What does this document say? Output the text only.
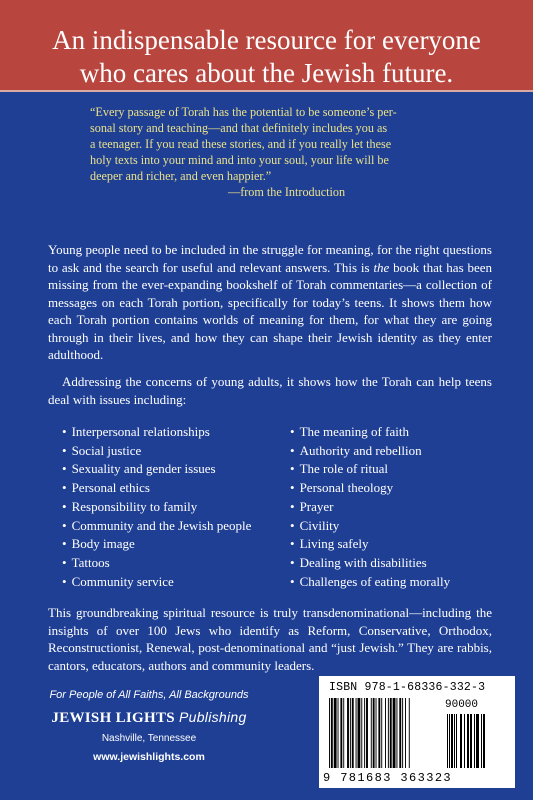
An indispensable resource for everyone
who cares about the Jewish future.
“Every passage of Torah has the potential to be someone’s per-
sonal story and teaching—and that definitely includes you as
a teenager. If you read these stories, and if you really let these
holy texts into your mind and into your soul, your life will be
deeper and richer, and even happier.”
—from the Introduction
Young people need to be included in the struggle for meaning, for the right questions to ask and the search for useful and relevant answers. This is the book that has been missing from the ever-expanding bookshelf of Torah commentaries—a collection of messages on each Torah portion, specifically for today’s teens. It shows them how each Torah portion contains worlds of meaning for them, for what they are going through in their lives, and how they can shape their Jewish identity as they enter adulthood.
Addressing the concerns of young adults, it shows how the Torah can help teens deal with issues including:
• Interpersonal relationships
• Social justice
• Sexuality and gender issues
• Personal ethics
• Responsibility to family
• Community and the Jewish people
• Body image
• Tattoos
• Community service
• The meaning of faith
• Authority and rebellion
• The role of ritual
• Personal theology
• Prayer
• Civility
• Living safely
• Dealing with disabilities
• Challenges of eating morally
This groundbreaking spiritual resource is truly transdenominational—including the insights of over 100 Jews who identify as Reform, Conservative, Orthodox, Reconstructionist, Renewal, post-denominational and “just Jewish.” They are rabbis, cantors, educators, authors and community leaders.
For People of All Faiths, All Backgrounds
JEWISH LIGHTS Publishing
Nashville, Tennessee
www.jewishlights.com
ISBN 978-1-68336-332-3
90000
9 781683 363323
